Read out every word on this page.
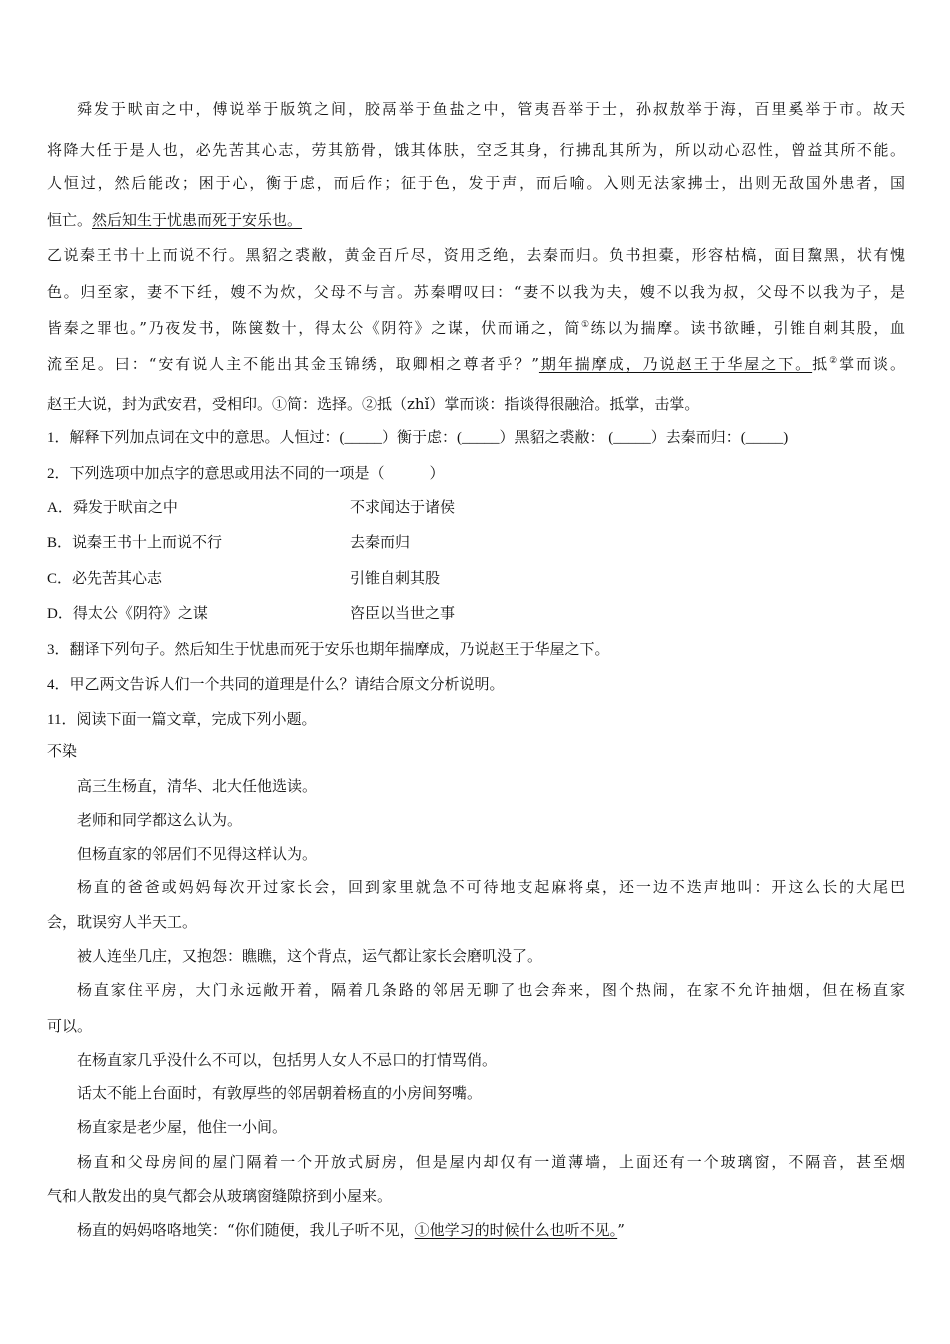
舜发于畎亩之中，傅说举于版筑之间，胶鬲举于鱼盐之中，管夷吾举于士，孙叔敖举于海，百里奚举于市。故天
将降大任于是人也，必先苦其心志，劳其筋骨，饿其体肤，空乏其身，行拂乱其所为，所以动心忍性，曾益其所不能。
人恒过，然后能改；困于心，衡于虑，而后作；征于色，发于声，而后喻。入则无法家拂士，出则无敌国外患者，国
恒亡。然后知生于忧患而死于安乐也。
乙说秦王书十上而说不行。黑貂之裘敝，黄金百斤尽，资用乏绝，去秦而归。负书担橐，形容枯槁，面目黧黑，状有愧
色。归至家，妻不下纴，嫂不为炊，父母不与言。苏秦喟叹曰：“妻不以我为夫，嫂不以我为叔，父母不以我为子，是
皆秦之罪也。”乃夜发书，陈箧数十，得太公《阴符》之谋，伏而诵之，简①练以为揣摩。读书欲睡，引锥自刺其股，血
流至足。曰：“安有说人主不能出其金玉锦绣，取卿相之尊者乎？”期年揣摩成，乃说赵王于华屋之下。抵②掌而谈。
赵王大说，封为武安君，受相印。①简：选择。②抵（zhǐ）掌而谈：指谈得很融洽。抵掌，击掌。
1．解释下列加点词在文中的意思。人恒过：(_____）衡于虑：(_____）黑貂之裘敝： (_____）去秦而归：(_____)
2．下列选项中加点字的意思或用法不同的一项是（　　　）
A．舜发于畎亩之中	不求闻达于诸侯
B．说秦王书十上而说不行	去秦而归
C．必先苦其心志	引锥自刺其股
D．得太公《阴符》之谋	咨臣以当世之事
3．翻译下列句子。然后知生于忧患而死于安乐也期年揣摩成，乃说赵王于华屋之下。
4．甲乙两文告诉人们一个共同的道理是什么？请结合原文分析说明。
11．阅读下面一篇文章，完成下列小题。
不染
高三生杨直，清华、北大任他选读。
老师和同学都这么认为。
但杨直家的邻居们不见得这样认为。
杨直的爸爸或妈妈每次开过家长会，回到家里就急不可待地支起麻将桌，还一边不迭声地叫：开这么长的大尾巴
会，耽误穷人半天工。
被人连坐几庄，又抱怨：瞧瞧，这个背点，运气都让家长会磨叽没了。
杨直家住平房，大门永远敞开着，隔着几条路的邻居无聊了也会奔来，图个热闹，在家不允许抽烟，但在杨直家
可以。
在杨直家几乎没什么不可以，包括男人女人不忌口的打情骂俏。
话太不能上台面时，有敦厚些的邻居朝着杨直的小房间努嘴。
杨直家是老少屋，他住一小间。
杨直和父母房间的屋门隔着一个开放式厨房，但是屋内却仅有一道薄墙，上面还有一个玻璃窗，不隔音，甚至烟
气和人散发出的臭气都会从玻璃窗缝隙挤到小屋来。
杨直的妈妈咯咯地笑：“你们随便，我儿子听不见，①他学习的时候什么也听不见。”
